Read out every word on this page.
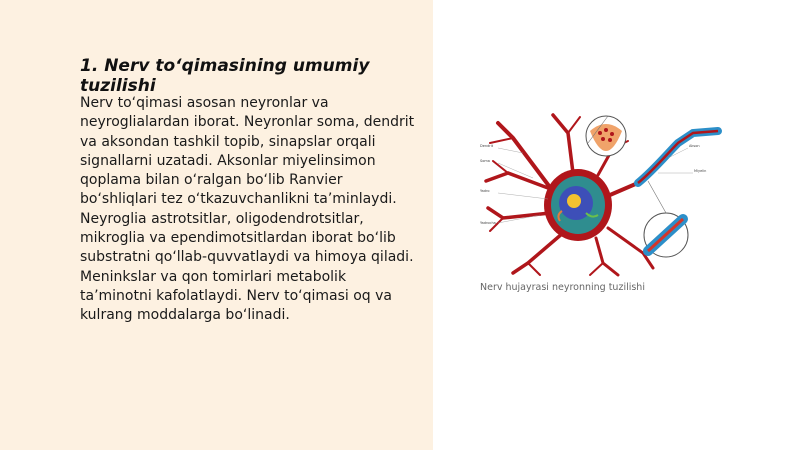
1. Nerv to‘qimasining umumiy tuzilishi

Nerv to‘qimasi asosan neyronlar va neyroglialardan iborat. Neyronlar soma, dendrit va aksondan tashkil topib, sinapslar orqali signallarni uzatadi. Aksonlar miyelinsimon qoplama bilan o‘ralgan bo‘lib Ranvier bo‘shliqlari tez o‘tkazuvchanlikni ta’minlaydi. Neyroglia astrotsitlar, oligodendrotsitlar, mikroglia va ependimotsitlardan iborat bo‘lib substratni qo‘llab-quvvatlaydi va himoya qiladi. Meninkslar va qon tomirlari metabolik ta’minotni kafolatlaydi. Nerv to‘qimasi oq va kulrang moddalarga bo‘linadi.

Dendrit
Soma
Yadro
Yadrocha
Akson
Miyelin
Nerv hujayrasi neyronning tuzilishi
